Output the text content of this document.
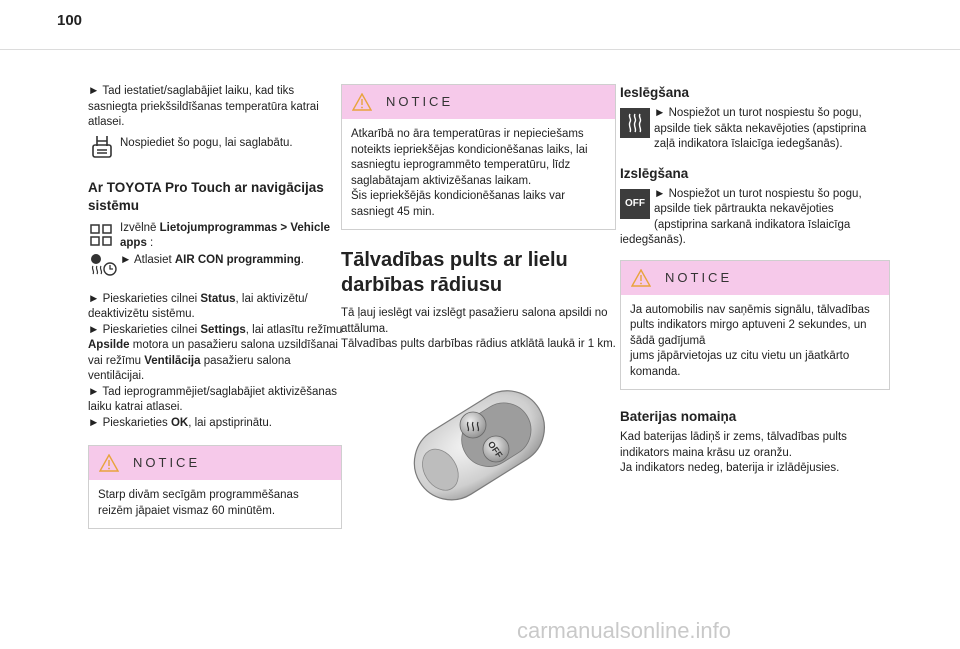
100

► Tad iestatiet/saglabājiet laiku, kad tiks sasniegta priekšsildīšanas temperatūra katrai atlasei.

Nospiediet šo pogu, lai saglabātu.

Ar TOYOTA Pro Touch ar navigācijas sistēmu

Izvēlnē Lietojumprogrammas > Vehicle apps :

► Atlasiet AIR CON programming.

► Pieskarieties cilnei Status, lai aktivizētu/ deaktivizētu sistēmu.

► Pieskarieties cilnei Settings, lai atlasītu režīmu Apsilde motora un pasažieru salona uzsildīšanai vai režīmu Ventilācija pasažieru salona ventilācijai.

► Tad ieprogrammējiet/saglabājiet aktivizēšanas laiku katrai atlasei.

► Pieskarieties OK, lai apstiprinātu.

NOTICE
Starp divām secīgām programmēšanas reizēm jāpaiet vismaz 60 minūtēm.
NOTICE

Atkarībā no āra temperatūras ir nepieciešams noteikts iepriekšējas kondicionēšanas laiks, lai sasniegtu ieprogrammēto temperatūru, līdz saglabātajam aktivizēšanas laikam.

Šis iepriekšējās kondicionēšanas laiks var sasniegt 45 min.

Tālvadības pults ar lielu darbības rādiusu

Tā ļauj ieslēgt vai izslēgt pasažieru salona apsildi no attāluma.

Tālvadības pults darbības rādius atklātā laukā ir 1 km.

OFF
Ieslēgšana

► Nospiežot un turot nospiestu šo pogu, apsilde tiek sākta nekavējoties (apstiprina zaļā indikatora īslaicīga iedegšanās).

Izslēgšana
OFF

► Nospiežot un turot nospiestu šo pogu, apsilde tiek pārtraukta nekavējoties (apstiprina sarkanā indikatora īslaicīga iedegšanās).

NOTICE

Ja automobilis nav saņēmis signālu, tālvadības pults indikators mirgo aptuveni 2 sekundes, un šādā gadījumā

jums jāpārvietojas uz citu vietu un jāatkārto komanda.

Baterijas nomaiņa

Kad baterijas lādiņš ir zems, tālvadības pults indikators maina krāsu uz oranžu.

Ja indikators nedeg, baterija ir izlādējusies.

carmanualsonline.info
